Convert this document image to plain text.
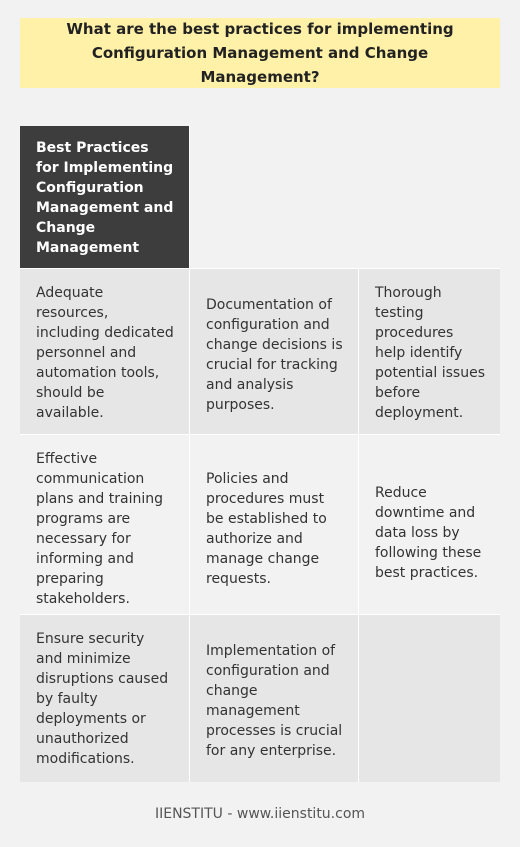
What are the best practices for implementing Configuration Management and Change Management?
Best Practices for Implementing Configuration Management and Change Management
Adequate resources, including dedicated personnel and automation tools, should be available.
Documentation of configuration and change decisions is crucial for tracking and analysis purposes.
Thorough testing procedures help identify potential issues before deployment.
Effective communication plans and training programs are necessary for informing and preparing stakeholders.
Policies and procedures must be established to authorize and manage change requests.
Reduce downtime and data loss by following these best practices.
Ensure security and minimize disruptions caused by faulty deployments or unauthorized modifications.
Implementation of configuration and change management processes is crucial for any enterprise.
IIENSTITU - www.iienstitu.com
